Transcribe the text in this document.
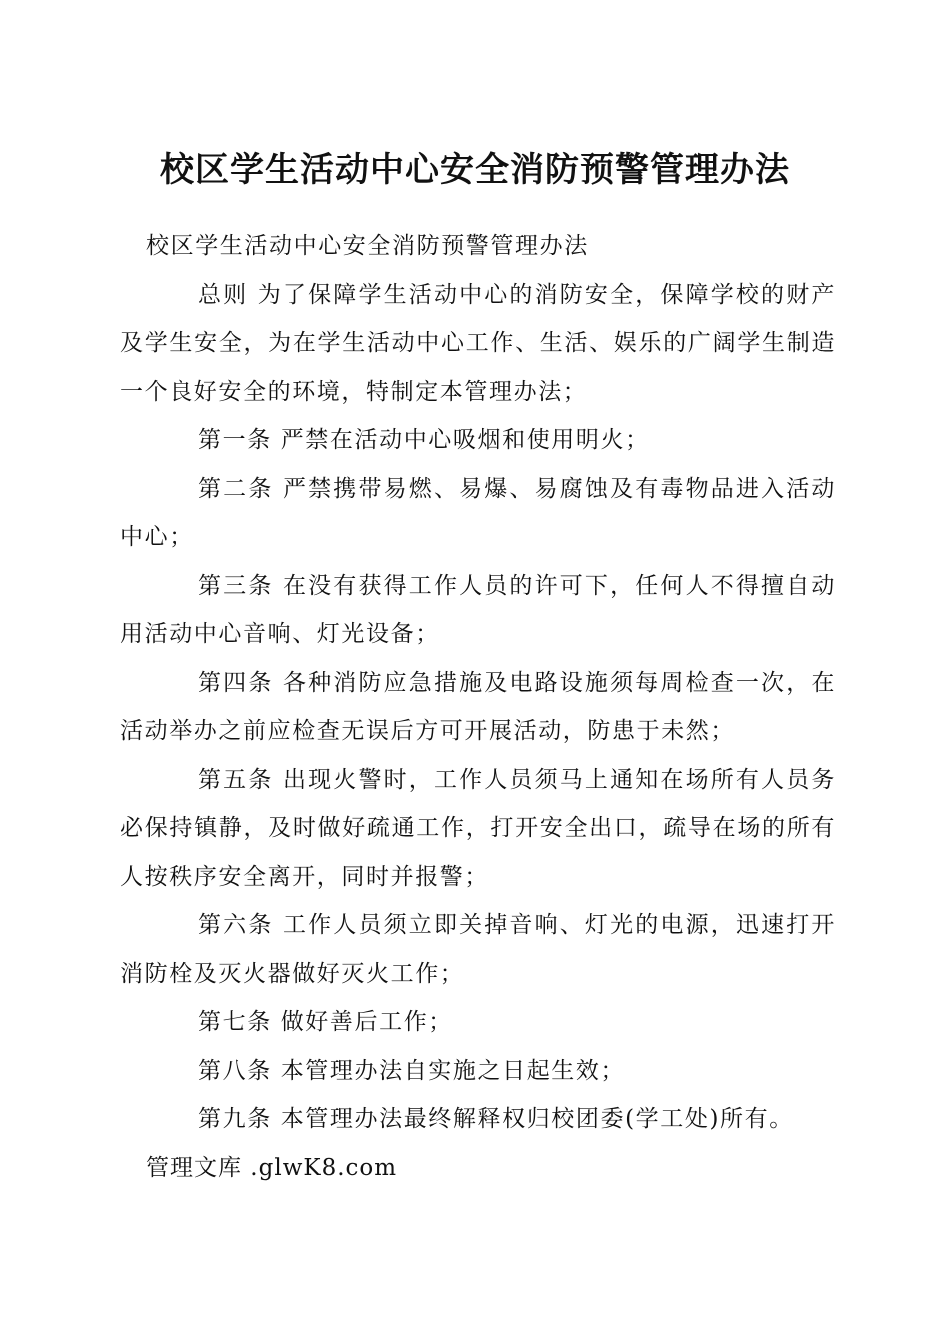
校区学生活动中心安全消防预警管理办法

校区学生活动中心安全消防预警管理办法

总则 为了保障学生活动中心的消防安全，保障学校的财产及学生安全，为在学生活动中心工作、生活、娱乐的广阔学生制造一个良好安全的环境，特制定本管理办法；

第一条 严禁在活动中心吸烟和使用明火；

第二条 严禁携带易燃、易爆、易腐蚀及有毒物品进入活动中心；

第三条 在没有获得工作人员的许可下，任何人不得擅自动用活动中心音响、灯光设备；

第四条 各种消防应急措施及电路设施须每周检查一次，在活动举办之前应检查无误后方可开展活动，防患于未然；

第五条 出现火警时，工作人员须马上通知在场所有人员务必保持镇静，及时做好疏通工作，打开安全出口，疏导在场的所有人按秩序安全离开，同时并报警；

第六条 工作人员须立即关掉音响、灯光的电源，迅速打开消防栓及灭火器做好灭火工作；

第七条 做好善后工作；

第八条 本管理办法自实施之日起生效；

第九条 本管理办法最终解释权归校团委(学工处)所有。

管理文库 .glwK8.com
